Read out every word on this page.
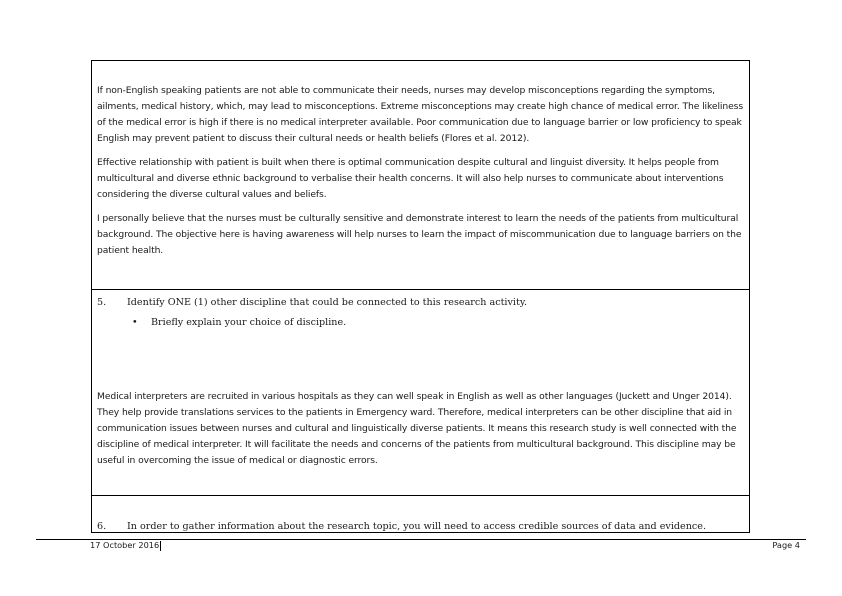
If non-English speaking patients are not able to communicate their needs, nurses may develop misconceptions regarding the symptoms, ailments, medical history, which, may lead to misconceptions. Extreme misconceptions may create high chance of medical error. The likeliness of the medical error is high if there is no medical interpreter available. Poor communication due to language barrier or low proficiency to speak English may prevent patient to discuss their cultural needs or health beliefs (Flores et al. 2012).

Effective relationship with patient is built when there is optimal communication despite cultural and linguist diversity. It helps people from multicultural and diverse ethnic background to verbalise their health concerns. It will also help nurses to communicate about interventions considering the diverse cultural values and beliefs.

I personally believe that the nurses must be culturally sensitive and demonstrate interest to learn the needs of the patients from multicultural background. The objective here is having awareness will help nurses to learn the impact of miscommunication due to language barriers on the patient health.

5. Identify ONE (1) other discipline that could be connected to this research activity.
• Briefly explain your choice of discipline.

Medical interpreters are recruited in various hospitals as they can well speak in English as well as other languages (Juckett and Unger 2014). They help provide translations services to the patients in Emergency ward. Therefore, medical interpreters can be other discipline that aid in communication issues between nurses and cultural and linguistically diverse patients. It means this research study is well connected with the discipline of medical interpreter. It will facilitate the needs and concerns of the patients from multicultural background. This discipline may be useful in overcoming the issue of medical or diagnostic errors.

6. In order to gather information about the research topic, you will need to access credible sources of data and evidence.
17 October 2016	Page 4
